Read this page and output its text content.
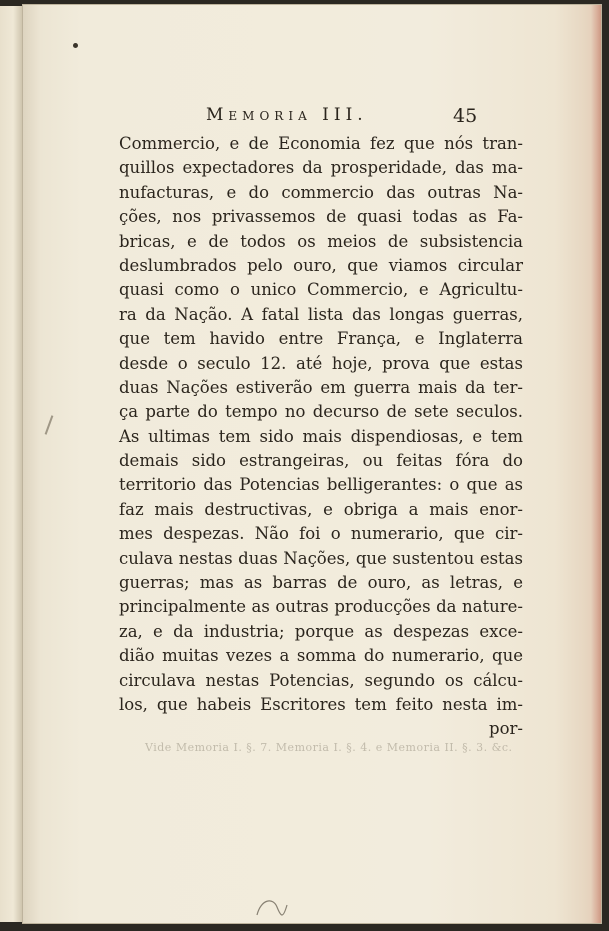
Memoria III.	45
Commercio, e de Economia fez que nós tran-
quillos expectadores da prosperidade, das ma-
nufacturas, e do commercio das outras Na-
ções, nos privassemos de quasi todas as Fa-
bricas, e de todos os meios de subsistencia
deslumbrados pelo ouro, que viamos circular
quasi como o unico Commercio, e Agricultu-
ra da Nação. A fatal lista das longas guerras,
que tem havido entre França, e Inglaterra
desde o seculo 12. até hoje, prova que estas
duas Nações estiverão em guerra mais da ter-
ça parte do tempo no decurso de sete seculos.
As ultimas tem sido mais dispendiosas, e tem
demais sido estrangeiras, ou feitas fóra do
territorio das Potencias belligerantes: o que as
faz mais destructivas, e obriga a mais enor-
mes despezas. Não foi o numerario, que cir-
culava nestas duas Nações, que sustentou estas
guerras; mas as barras de ouro, as letras, e
principalmente as outras producções da nature-
za, e da industria; porque as despezas exce-
dião muitas vezes a somma do numerario, que
circulava nestas Potencias, segundo os cálcu-
los, que habeis Escritores tem feito nesta im-
por-
Vide Memoria I. §. 7. Memoria I. §. 4. e Memoria II. §. 3. &c.
